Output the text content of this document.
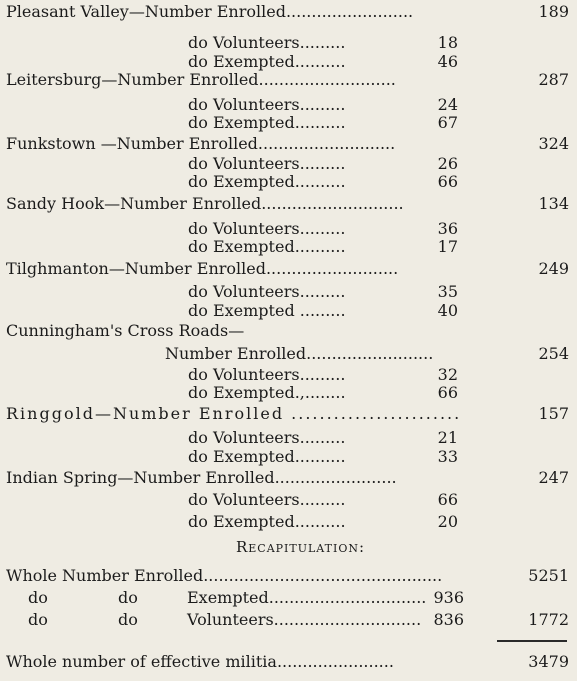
Pleasant Valley—Number Enrolled.........................	189
do Volunteers.........	18
do Exempted..........	46
Leitersburg—Number Enrolled...........................	287
do Volunteers.........	24
do Exempted..........	67
Funkstown —Number Enrolled...........................	324
do Volunteers.........	26
do Exempted..........	66
Sandy Hook—Number Enrolled............................	134
do Volunteers.........	36
do Exempted..........	17
Tilghmanton—Number Enrolled..........................	249
do Volunteers.........	35
do Exempted .........	40
Cunningham's Cross Roads—
Number Enrolled.........................	254
do Volunteers.........	32
do Exempted.,........	66
Ringgold—Number Enrolled ........................	157
do Volunteers.........	21
do Exempted..........	33
Indian Spring—Number Enrolled........................	247
do Volunteers.........	66
do Exempted..........	20
Recapitulation:
Whole Number Enrolled...............................................	5251
do	do	Exempted............................... 936
do	do	Volunteers............................. 836	1772
Whole number of effective militia.......................	3479
